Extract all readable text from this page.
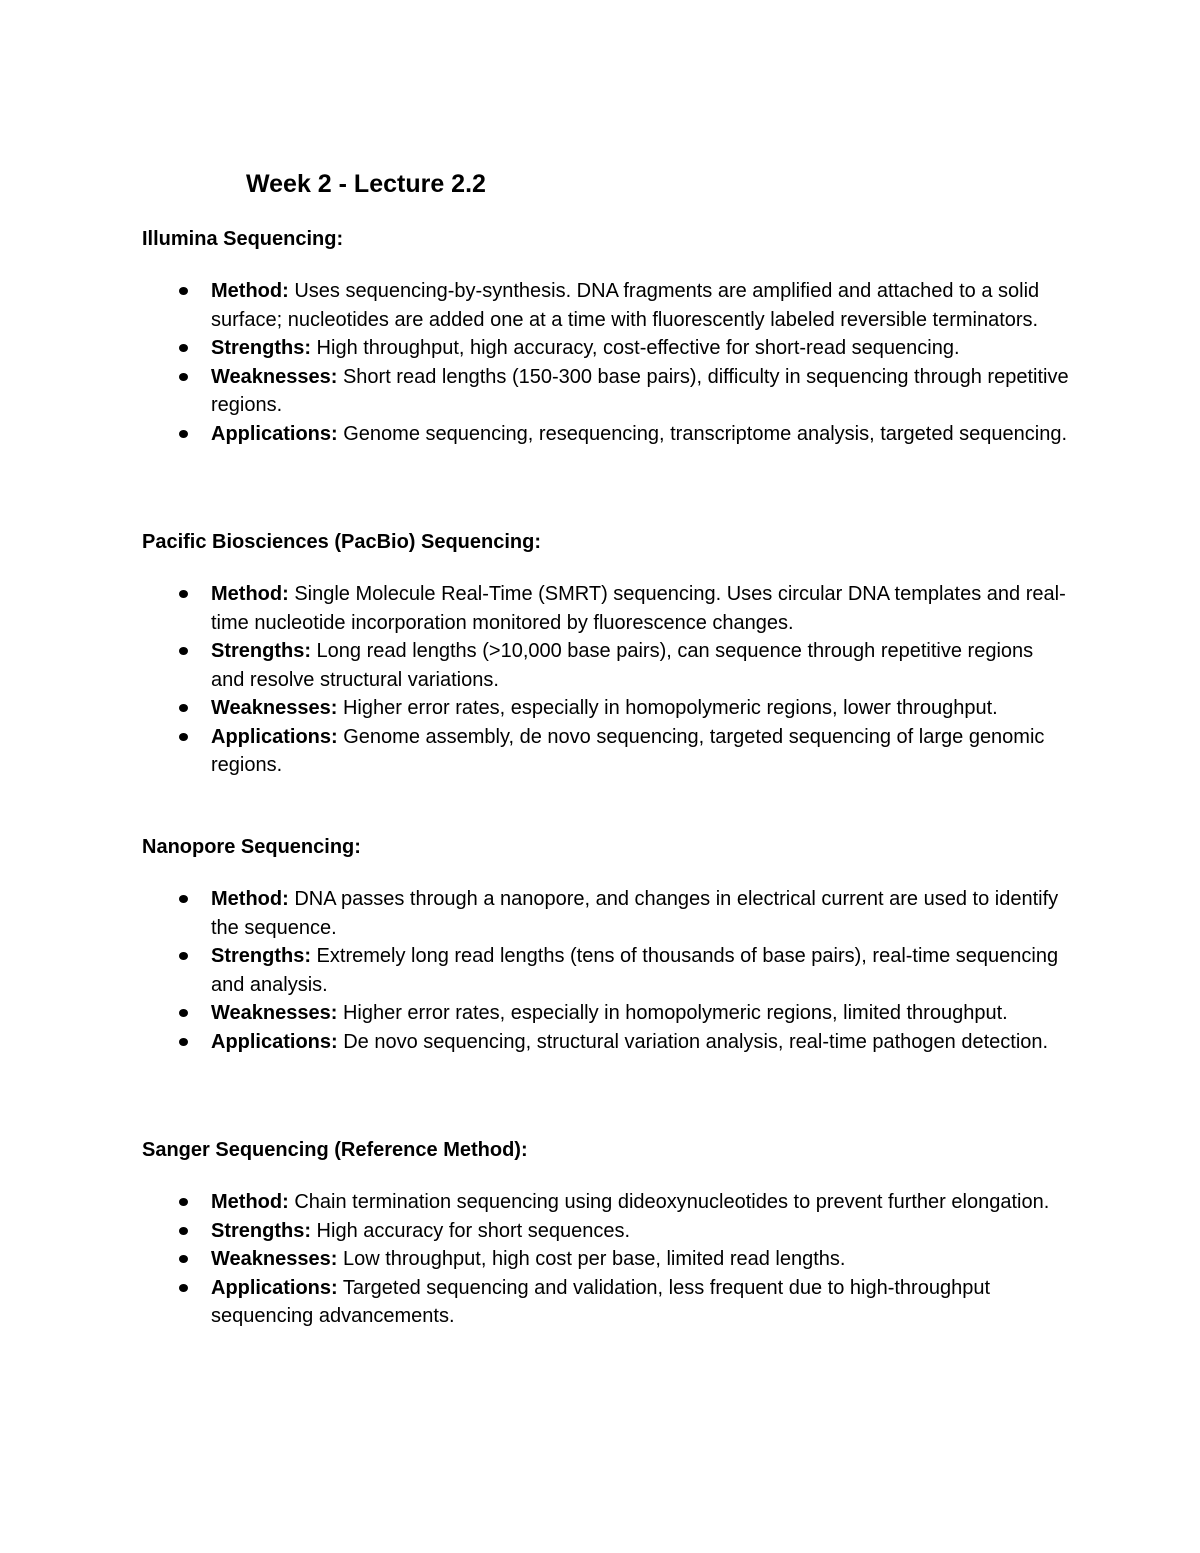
Week 2 - Lecture 2.2
Illumina Sequencing:
Method: Uses sequencing-by-synthesis. DNA fragments are amplified and attached to a solid surface; nucleotides are added one at a time with fluorescently labeled reversible terminators.
Strengths: High throughput, high accuracy, cost-effective for short-read sequencing.
Weaknesses: Short read lengths (150-300 base pairs), difficulty in sequencing through repetitive regions.
Applications: Genome sequencing, resequencing, transcriptome analysis, targeted sequencing.
Pacific Biosciences (PacBio) Sequencing:
Method: Single Molecule Real-Time (SMRT) sequencing. Uses circular DNA templates and real-time nucleotide incorporation monitored by fluorescence changes.
Strengths: Long read lengths (>10,000 base pairs), can sequence through repetitive regions and resolve structural variations.
Weaknesses: Higher error rates, especially in homopolymeric regions, lower throughput.
Applications: Genome assembly, de novo sequencing, targeted sequencing of large genomic regions.
Nanopore Sequencing:
Method: DNA passes through a nanopore, and changes in electrical current are used to identify the sequence.
Strengths: Extremely long read lengths (tens of thousands of base pairs), real-time sequencing and analysis.
Weaknesses: Higher error rates, especially in homopolymeric regions, limited throughput.
Applications: De novo sequencing, structural variation analysis, real-time pathogen detection.
Sanger Sequencing (Reference Method):
Method: Chain termination sequencing using dideoxynucleotides to prevent further elongation.
Strengths: High accuracy for short sequences.
Weaknesses: Low throughput, high cost per base, limited read lengths.
Applications: Targeted sequencing and validation, less frequent due to high-throughput sequencing advancements.
